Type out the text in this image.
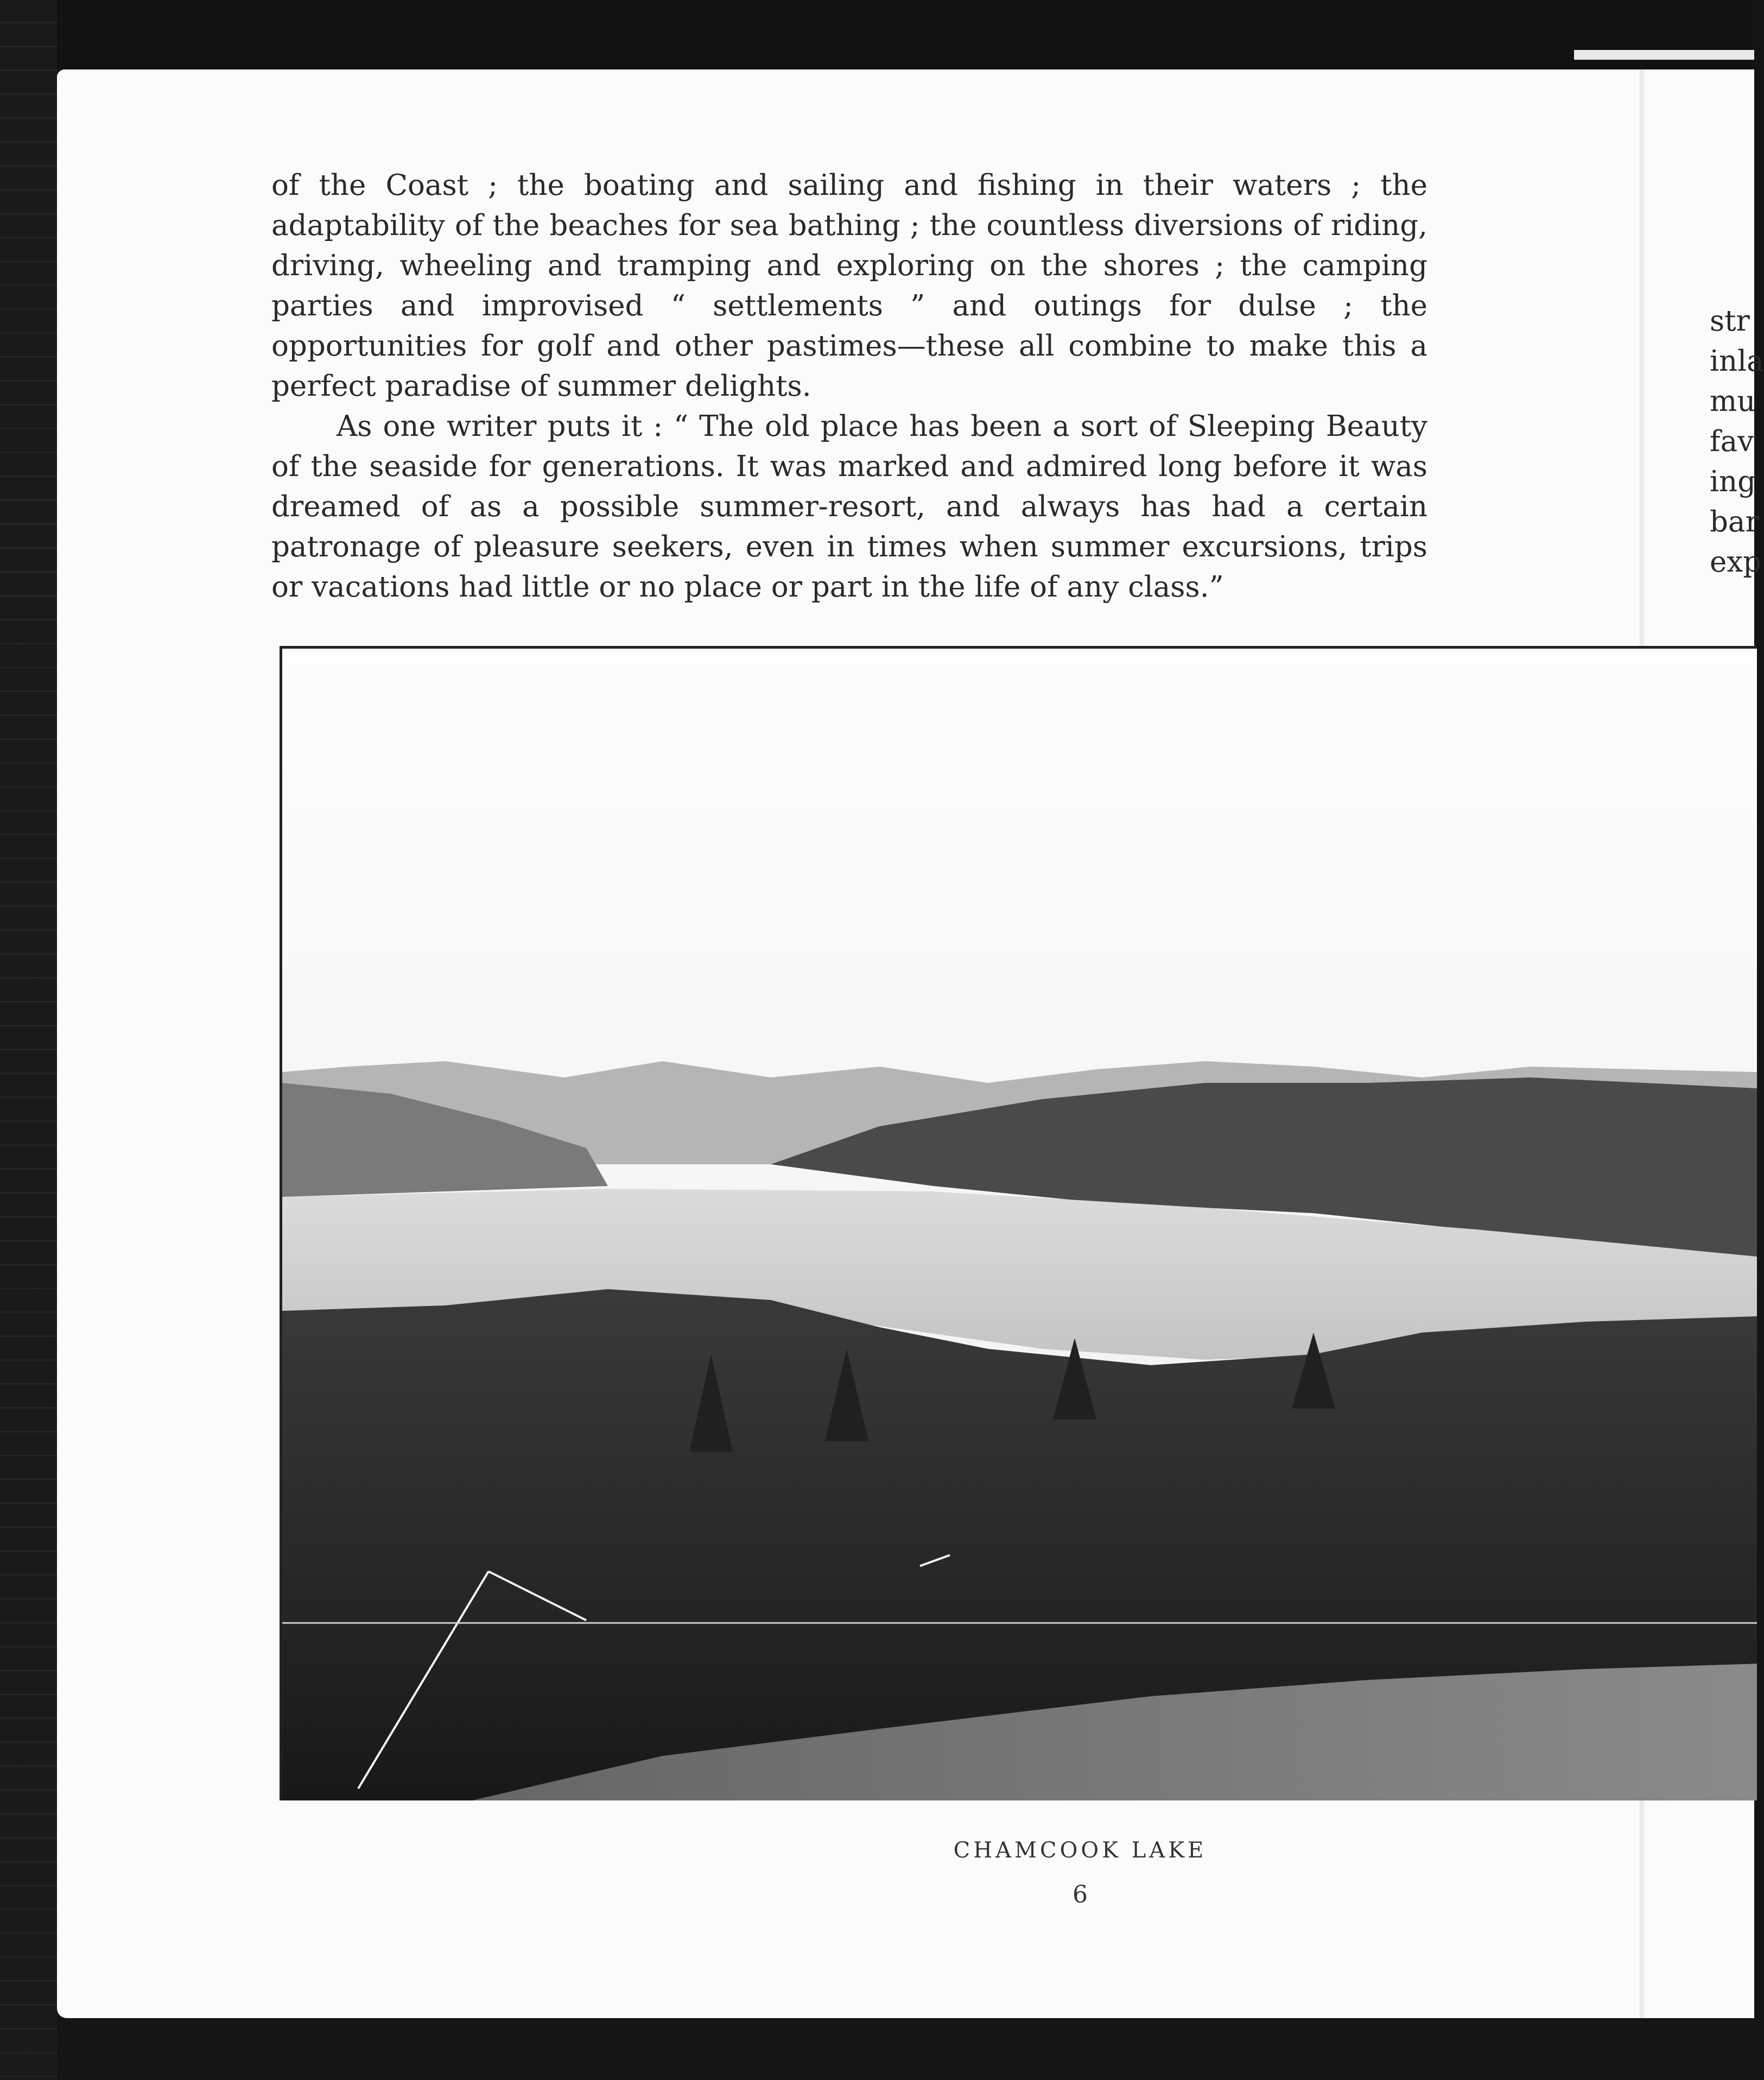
of the Coast ; the boating and sailing and fishing in their waters ; the adaptability of the beaches for sea bathing ; the countless diversions of riding, driving, wheeling and tramping and exploring on the shores ; the camping parties and improvised “ settlements ” and outings for dulse ; the opportunities for golf and other pastimes—these all combine to make this a perfect paradise of summer delights.

As one writer puts it : “ The old place has been a sort of Sleeping Beauty of the seaside for generations. It was marked and admired long before it was dreamed of as a possible summer-resort, and always has had a certain patronage of pleasure seekers, even in times when summer excursions, trips or vacations had little or no place or part in the life of any class.”

str
inla
mu
fav
ing
bar
exp
CHAMCOOK LAKE
6
